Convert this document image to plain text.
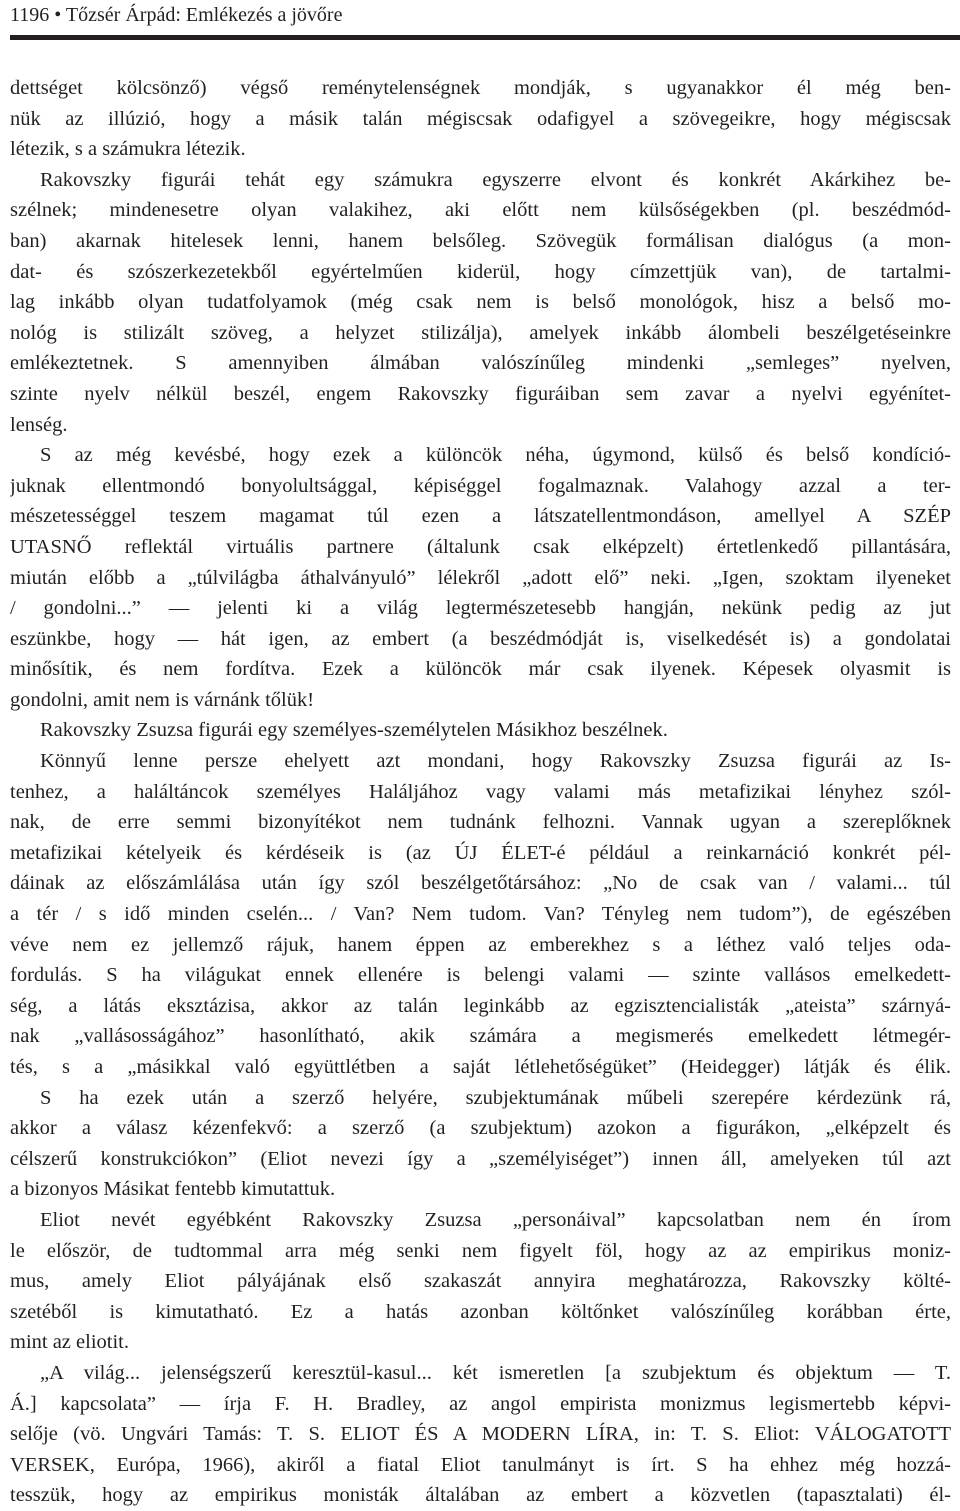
1196 • Tőzsér Árpád: Emlékezés a jövőre
dettséget kölcsönző) végső reménytelenségnek mondják, s ugyanakkor él még ben-
nük az illúzió, hogy a másik talán mégiscsak odafigyel a szövegeikre, hogy mégiscsak
létezik, s a számukra létezik.
Rakovszky figurái tehát egy számukra egyszerre elvont és konkrét Akárkihez be-
szélnek; mindenesetre olyan valakihez, aki előtt nem külsőségekben (pl. beszédmód-
ban) akarnak hitelesek lenni, hanem belsőleg. Szövegük formálisan dialógus (a mon-
dat- és szószerkezetekből egyértelműen kiderül, hogy címzettjük van), de tartalmi-
lag inkább olyan tudatfolyamok (még csak nem is belső monológok, hisz a belső mo-
nológ is stilizált szöveg, a helyzet stilizálja), amelyek inkább álombeli beszélgetéseinkre
emlékeztetnek. S amennyiben álmában valószínűleg mindenki „semleges” nyelven,
szinte nyelv nélkül beszél, engem Rakovszky figuráiban sem zavar a nyelvi egyénítet-
lenség.
S az még kevésbé, hogy ezek a különcök néha, úgymond, külső és belső kondíció-
juknak ellentmondó bonyolultsággal, képiséggel fogalmaznak. Valahogy azzal a ter-
mészetességgel teszem magamat túl ezen a látszatellentmondáson, amellyel A SZÉP
UTASNŐ reflektál virtuális partnere (általunk csak elképzelt) értetlenkedő pillantására,
miután előbb a „túlvilágba áthalványuló” lélekről „adott elő” neki. „Igen, szoktam ilyeneket
/ gondolni...” — jelenti ki a világ legtermészetesebb hangján, nekünk pedig az jut
eszünkbe, hogy — hát igen, az embert (a beszédmódját is, viselkedését is) a gondolatai
minősítik, és nem fordítva. Ezek a különcök már csak ilyenek. Képesek olyasmit is
gondolni, amit nem is várnánk tőlük!
Rakovszky Zsuzsa figurái egy személyes-személytelen Másikhoz beszélnek.
Könnyű lenne persze ehelyett azt mondani, hogy Rakovszky Zsuzsa figurái az Is-
tenhez, a haláltáncok személyes Haláljához vagy valami más metafizikai lényhez szól-
nak, de erre semmi bizonyítékot nem tudnánk felhozni. Vannak ugyan a szereplőknek
metafizikai kételyeik és kérdéseik is (az ÚJ ÉLET-é például a reinkarnáció konkrét pél-
dáinak az előszámlálása után így szól beszélgetőtársához: „No de csak van / valami... túl
a tér / s idő minden cselén... / Van? Nem tudom. Van? Tényleg nem tudom”), de egészében
véve nem ez jellemző rájuk, hanem éppen az emberekhez s a léthez való teljes oda-
fordulás. S ha világukat ennek ellenére is belengi valami — szinte vallásos emelkedett-
ség, a látás eksztázisa, akkor az talán leginkább az egzisztencialisták „ateista” szárnyá-
nak „vallásosságához” hasonlítható, akik számára a megismerés emelkedett létmegér-
tés, s a „másikkal való együttlétben a saját létlehetőségüket” (Heidegger) látják és élik.
S ha ezek után a szerző helyére, szubjektumának műbeli szerepére kérdezünk rá,
akkor a válasz kézenfekvő: a szerző (a szubjektum) azokon a figurákon, „elképzelt és
célszerű konstrukciókon” (Eliot nevezi így a „személyiséget”) innen áll, amelyeken túl azt
a bizonyos Másikat fentebb kimutattuk.
Eliot nevét egyébként Rakovszky Zsuzsa „personáival” kapcsolatban nem én írom
le először, de tudtommal arra még senki nem figyelt föl, hogy az az empirikus moniz-
mus, amely Eliot pályájának első szakaszát annyira meghatározza, Rakovszky költé-
szetéből is kimutatható. Ez a hatás azonban költőnket valószínűleg korábban érte,
mint az eliotit.
„A világ... jelenségszerű keresztül-kasul... két ismeretlen [a szubjektum és objektum — T.
Á.] kapcsolata” — írja F. H. Bradley, az angol empirista monizmus legismertebb képvi-
selője (vö. Ungvári Tamás: T. S. ELIOT ÉS A MODERN LÍRA, in: T. S. Eliot: VÁLOGATOTT
VERSEK, Európa, 1966), akiről a fiatal Eliot tanulmányt is írt. S ha ehhez még hozzá-
tesszük, hogy az empirikus monisták általában az embert a közvetlen (tapasztalati) él-
